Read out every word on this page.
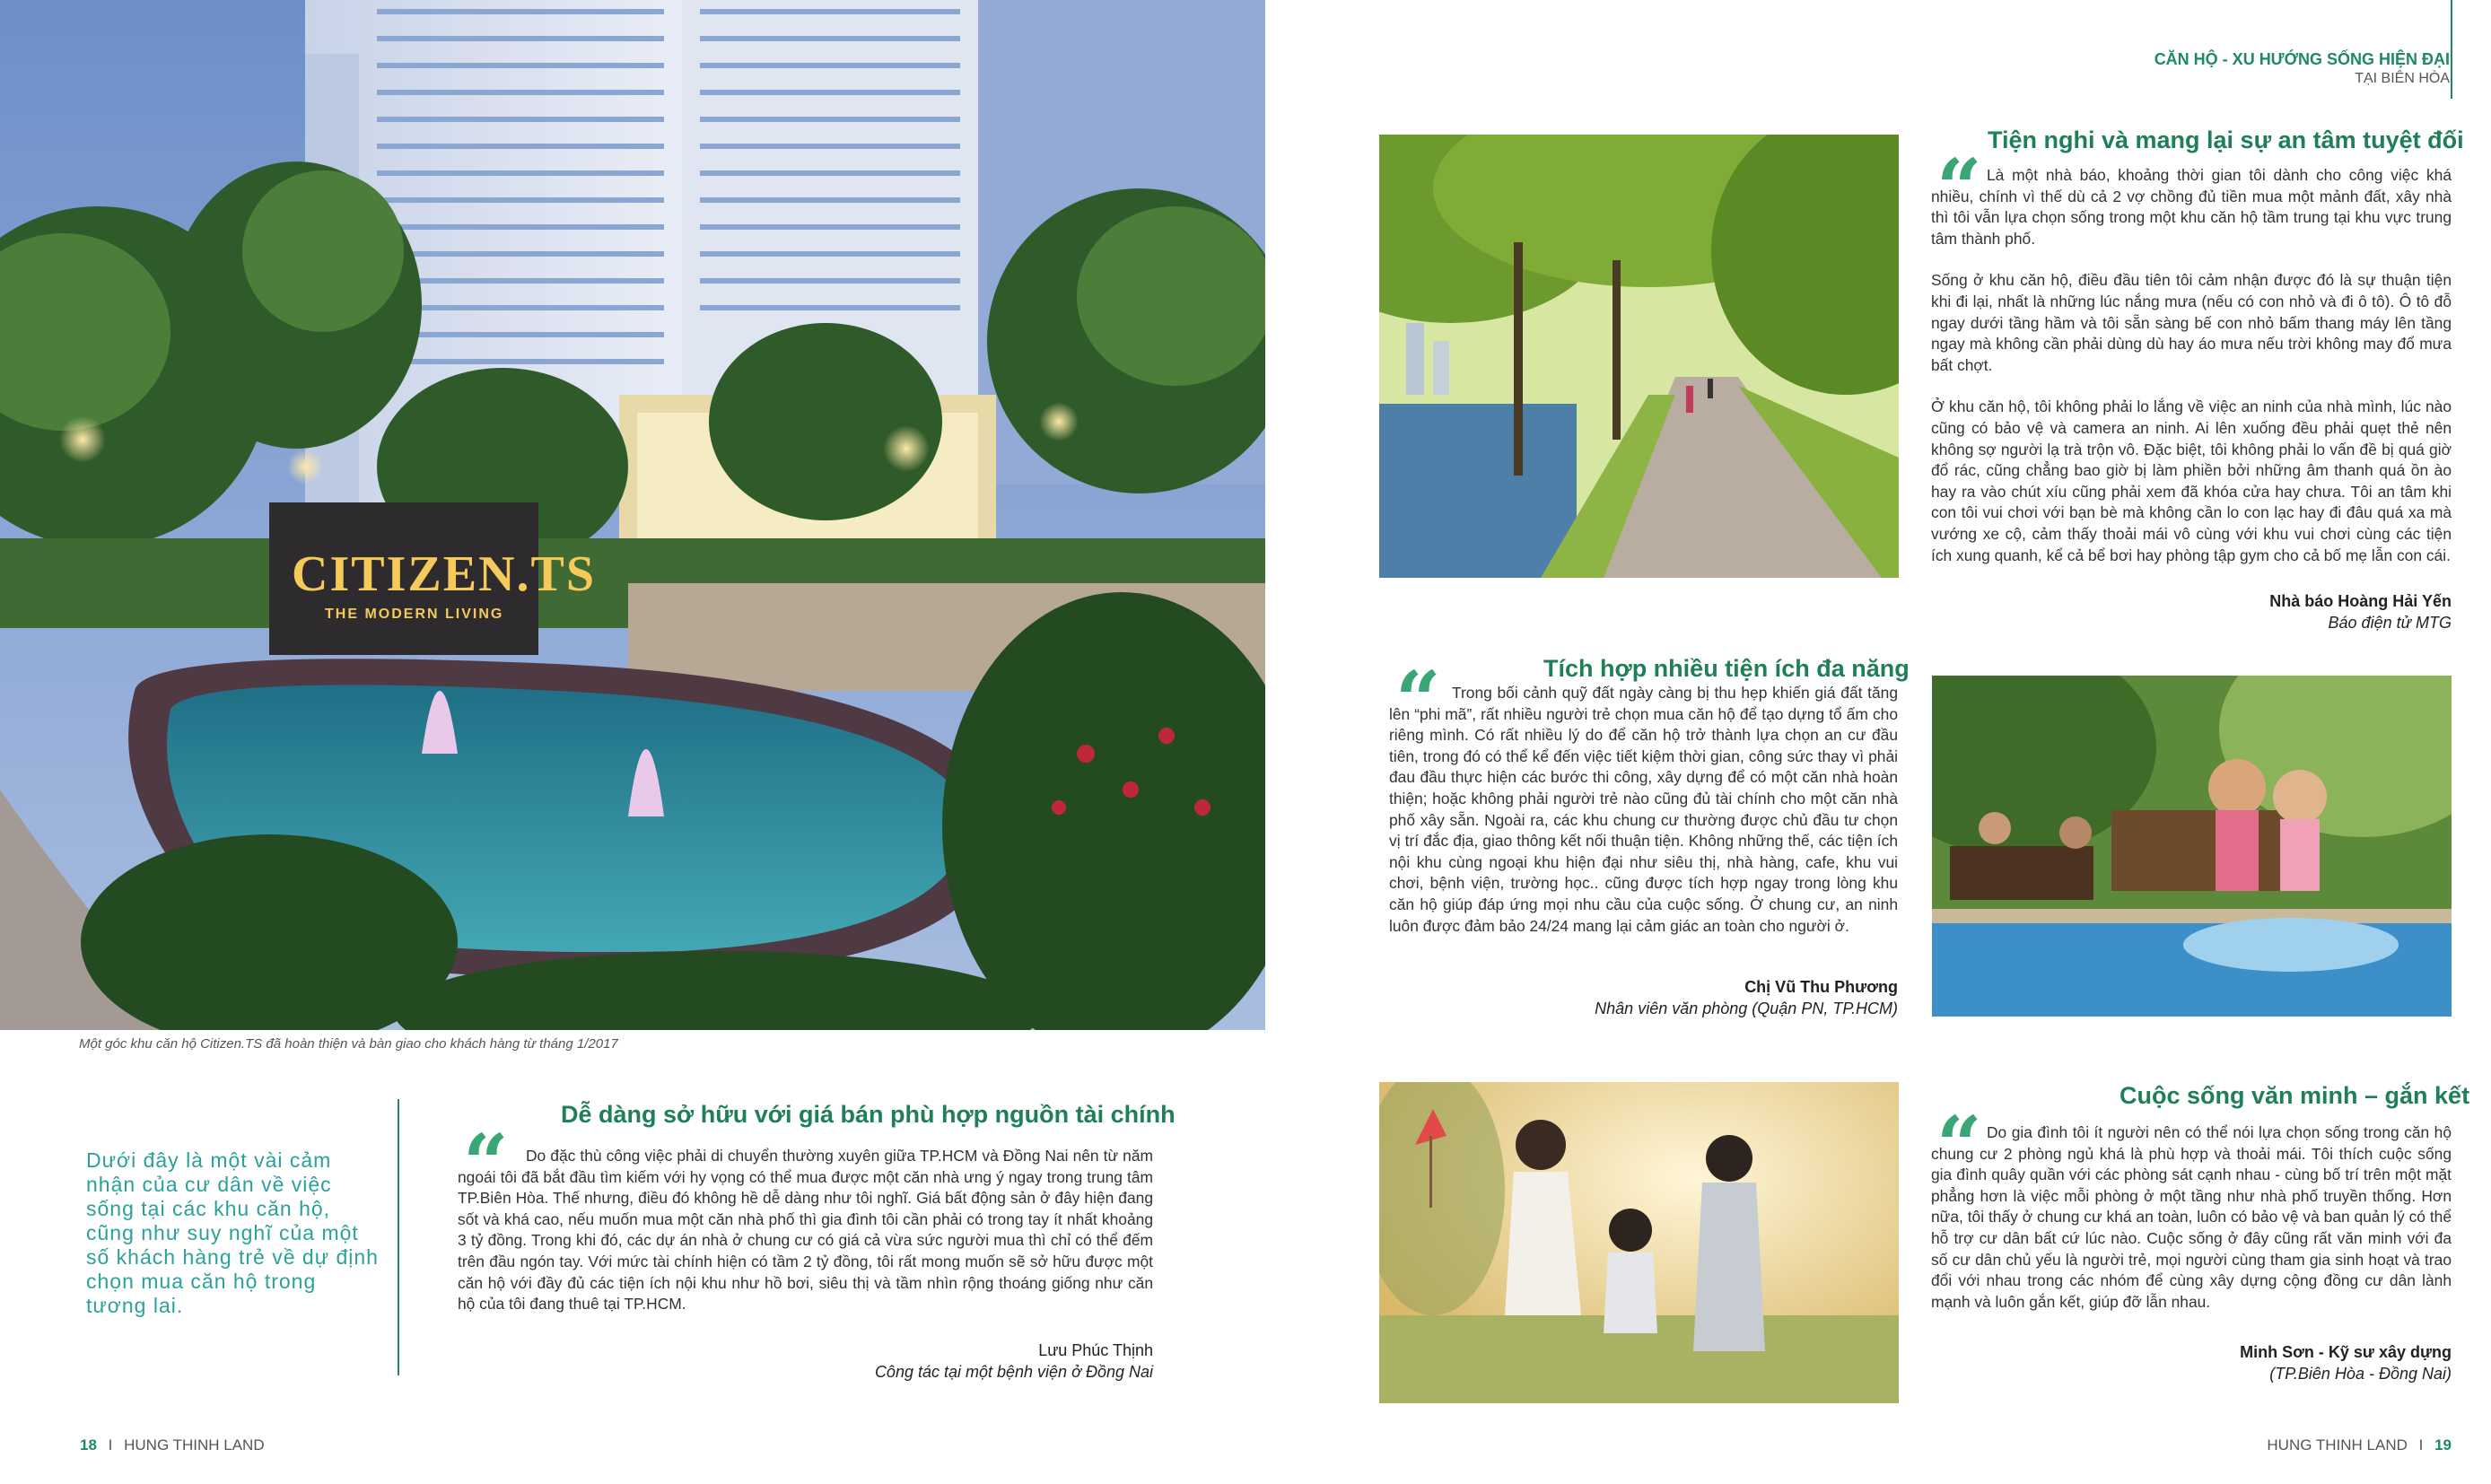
CITIZEN.TS
THE MODERN LIVING
Một góc khu căn hộ Citizen.TS đã hoàn thiện và bàn giao cho khách hàng từ tháng 1/2017
Dưới đây là một vài cảm nhận của cư dân về việc sống tại các khu căn hộ, cũng như suy nghĩ của một số khách hàng trẻ về dự định chọn mua căn hộ trong tương lai.
Dễ dàng sở hữu với giá bán phù hợp nguồn tài chính
“	Do đặc thù công việc phải di chuyển thường xuyên giữa TP.HCM và Đồng Nai nên từ năm ngoái tôi đã bắt đầu tìm kiếm với hy vọng có thể mua được một căn nhà ưng ý ngay trong trung tâm TP.Biên Hòa. Thế nhưng, điều đó không hề dễ dàng như tôi nghĩ. Giá bất động sản ở đây hiện đang sốt và khá cao, nếu muốn mua một căn nhà phố thì gia đình tôi cần phải có trong tay ít nhất khoảng 3 tỷ đồng. Trong khi đó, các dự án nhà ở chung cư có giá cả vừa sức người mua thì chỉ có thể đếm trên đầu ngón tay. Với mức tài chính hiện có tầm 2 tỷ đồng, tôi rất mong muốn sẽ sở hữu được một căn hộ với đầy đủ các tiện ích nội khu như hồ bơi, siêu thị và tầm nhìn rộng thoáng giống như căn hộ của tôi đang thuê tại TP.HCM.

Lưu Phúc Thịnh
Công tác tại một bệnh viện ở Đồng Nai
18 I HUNG THINH LAND
CĂN HỘ - XU HƯỚNG SỐNG HIỆN ĐẠI
TẠI BIÊN HÒA
Tiện nghi và mang lại sự an tâm tuyệt đối
“ Là một nhà báo, khoảng thời gian tôi dành cho công việc khá nhiều, chính vì thế dù cả 2 vợ chồng đủ tiền mua một mảnh đất, xây nhà thì tôi vẫn lựa chọn sống trong một khu căn hộ tầm trung tại khu vực trung tâm thành phố.

Sống ở khu căn hộ, điều đầu tiên tôi cảm nhận được đó là sự thuận tiện khi đi lại, nhất là những lúc nắng mưa (nếu có con nhỏ và đi ô tô). Ô tô đỗ ngay dưới tầng hầm và tôi sẵn sàng bế con nhỏ bấm thang máy lên tầng ngay mà không cần phải dùng dù hay áo mưa nếu trời không may đổ mưa bất chợt.

Ở khu căn hộ, tôi không phải lo lắng về việc an ninh của nhà mình, lúc nào cũng có bảo vệ và camera an ninh. Ai lên xuống đều phải quẹt thẻ nên không sợ người lạ trà trộn vô. Đặc biệt, tôi không phải lo vấn đề bị quá giờ đổ rác, cũng chẳng bao giờ bị làm phiền bởi những âm thanh quá ồn ào hay ra vào chút xíu cũng phải xem đã khóa cửa hay chưa. Tôi an tâm khi con tôi vui chơi với bạn bè mà không cần lo con lạc hay đi đâu quá xa mà vướng xe cộ, cảm thấy thoải mái vô cùng với khu vui chơi cùng các tiện ích xung quanh, kể cả bể bơi hay phòng tập gym cho cả bố mẹ lẫn con cái.

Nhà báo Hoàng Hải Yến
Báo điện tử MTG
Tích hợp nhiều tiện ích đa năng
“ Trong bối cảnh quỹ đất ngày càng bị thu hẹp khiến giá đất tăng lên “phi mã”, rất nhiều người trẻ chọn mua căn hộ để tạo dựng tổ ấm cho riêng mình. Có rất nhiều lý do để căn hộ trở thành lựa chọn an cư đầu tiên, trong đó có thể kể đến việc tiết kiệm thời gian, công sức thay vì phải đau đầu thực hiện các bước thi công, xây dựng để có một căn nhà hoàn thiện; hoặc không phải người trẻ nào cũng đủ tài chính cho một căn nhà phố xây sẵn. Ngoài ra, các khu chung cư thường được chủ đầu tư chọn vị trí đắc địa, giao thông kết nối thuận tiện. Không những thế, các tiện ích nội khu cùng ngoại khu hiện đại như siêu thị, nhà hàng, cafe, khu vui chơi, bệnh viện, trường học.. cũng được tích hợp ngay trong lòng khu căn hộ giúp đáp ứng mọi nhu cầu của cuộc sống. Ở chung cư, an ninh luôn được đảm bảo 24/24 mang lại cảm giác an toàn cho người ở.

Chị Vũ Thu Phương
Nhân viên văn phòng (Quận PN, TP.HCM)
Cuộc sống văn minh – gắn kết
“ Do gia đình tôi ít người nên có thể nói lựa chọn sống trong căn hộ chung cư 2 phòng ngủ khá là phù hợp và thoải mái. Tôi thích cuộc sống gia đình quây quần với các phòng sát cạnh nhau - cùng bố trí trên một mặt phẳng hơn là việc mỗi phòng ở một tầng như nhà phố truyền thống. Hơn nữa, tôi thấy ở chung cư khá an toàn, luôn có bảo vệ và ban quản lý có thể hỗ trợ cư dân bất cứ lúc nào. Cuộc sống ở đây cũng rất văn minh với đa số cư dân chủ yếu là người trẻ, mọi người cùng tham gia sinh hoạt và trao đổi với nhau trong các nhóm để cùng xây dựng cộng đồng cư dân lành mạnh và luôn gắn kết, giúp đỡ lẫn nhau.

Minh Sơn - Kỹ sư xây dựng
(TP.Biên Hòa - Đồng Nai)
HUNG THINH LAND I 19
